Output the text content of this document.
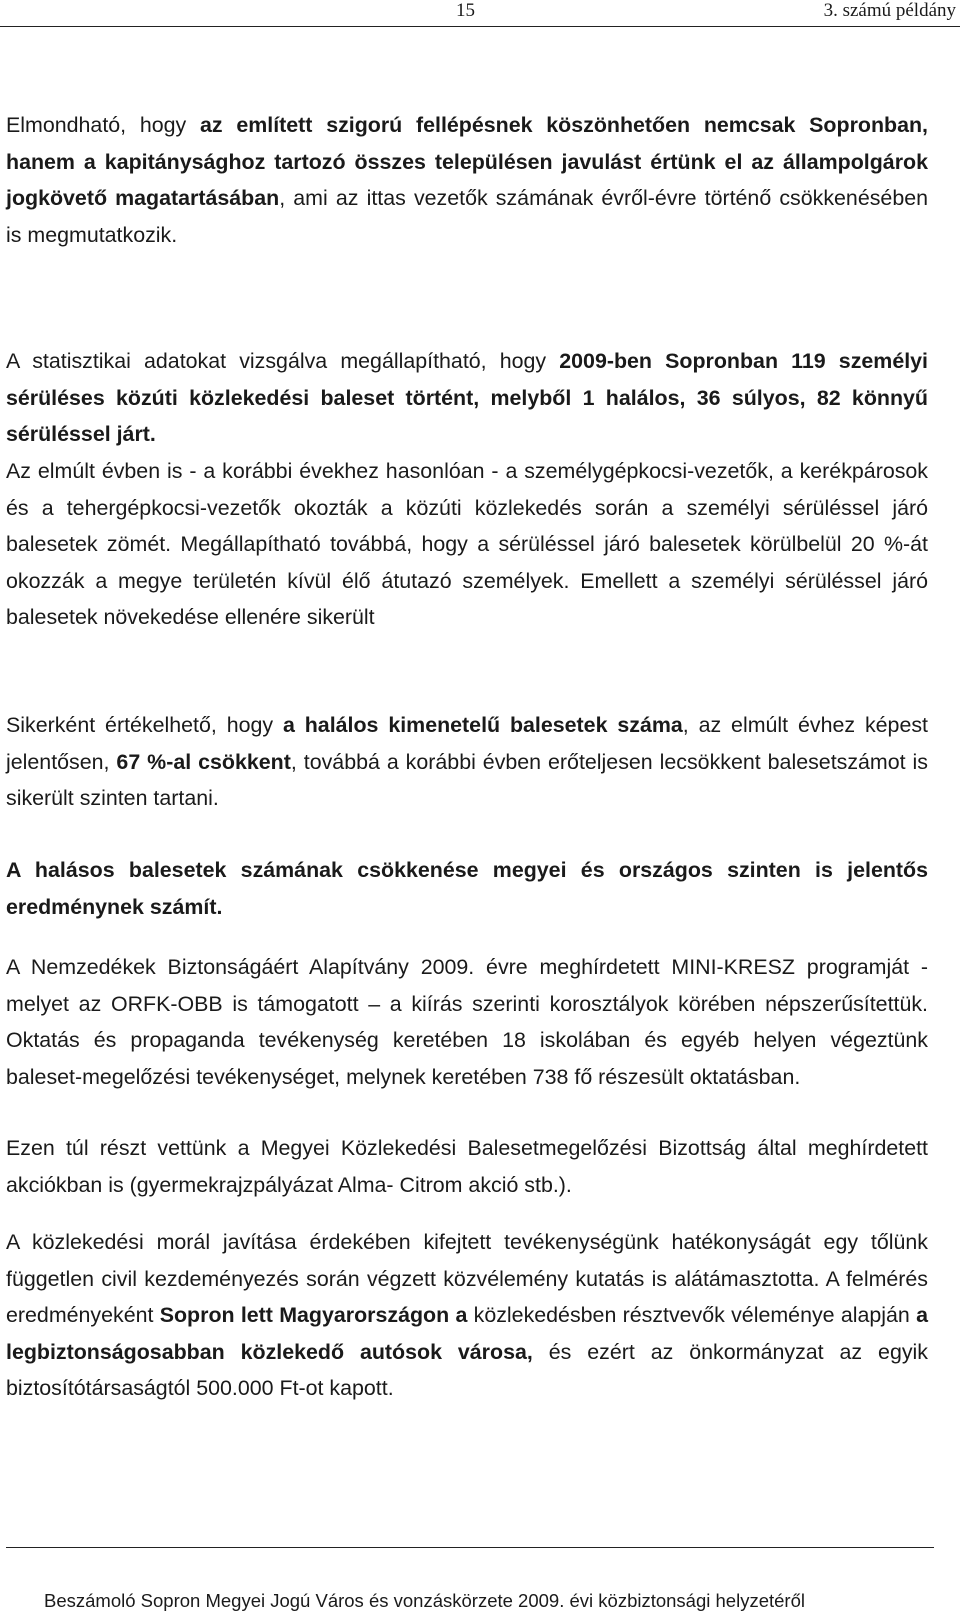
15	3. számú példány

Elmondható, hogy az említett szigorú fellépésnek köszönhetően nemcsak Sopronban, hanem a kapitánysághoz tartozó összes településen javulást értünk el az állampolgárok jogkövető magatartásában, ami az ittas vezetők számának évről-évre történő csökkenésében is megmutatkozik.

A statisztikai adatokat vizsgálva megállapítható, hogy 2009-ben Sopronban 119 személyi sérüléses közúti közlekedési baleset történt, melyből 1 halálos, 36 súlyos, 82 könnyű sérüléssel járt.

Az elmúlt évben is - a korábbi évekhez hasonlóan - a személygépkocsi-vezetők, a kerékpárosok és a tehergépkocsi-vezetők okozták a közúti közlekedés során a személyi sérüléssel járó balesetek zömét. Megállapítható továbbá, hogy a sérüléssel járó balesetek körülbelül 20 %-át okozzák a megye területén kívül élő átutazó személyek. Emellett a személyi sérüléssel járó balesetek növekedése ellenére sikerült

Sikerként értékelhető, hogy a halálos kimenetelű balesetek száma, az elmúlt évhez képest jelentősen, 67 %-al csökkent, továbbá a korábbi évben erőteljesen lecsökkent balesetszámot is sikerült szinten tartani.

A halásos balesetek számának csökkenése megyei és országos szinten is jelentős eredménynek számít.

A Nemzedékek Biztonságáért Alapítvány 2009. évre meghírdetett MINI-KRESZ programját - melyet az ORFK-OBB is támogatott – a kiírás szerinti korosztályok körében népszerűsítettük. Oktatás és propaganda tevékenység keretében 18 iskolában és egyéb helyen végeztünk baleset-megelőzési tevékenységet, melynek keretében 738 fő részesült oktatásban.

Ezen túl részt vettünk a Megyei Közlekedési Balesetmegelőzési Bizottság által meghírdetett akciókban is (gyermekrajzpályázat Alma- Citrom akció stb.).

A közlekedési morál javítása érdekében kifejtett tevékenységünk hatékonyságát egy tőlünk független civil kezdeményezés során végzett közvélemény kutatás is alátámasztotta. A felmérés eredményeként Sopron lett Magyarországon a közlekedésben résztvevők véleménye alapján a legbiztonságosabban közlekedő autósok városa, és ezért az önkormányzat az egyik biztosítótársaságtól 500.000 Ft-ot kapott.

Beszámoló Sopron Megyei Jogú Város és vonzáskörzete 2009. évi közbiztonsági helyzetéről
